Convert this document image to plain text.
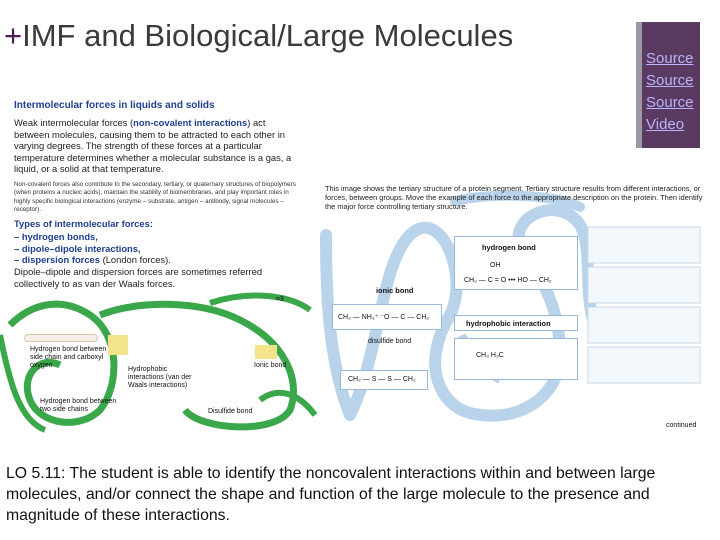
+IMF and Biological/Large Molecules
Source
Source
Source
Video
Intermolecular forces in liquids and solids

Weak intermolecular forces (non-covalent interactions) act between molecules, causing them to be attracted to each other in varying degrees. The strength of these forces at a particular temperature determines whether a molecular substance is a gas, a liquid, or a solid at that temperature.

Non-covalent forces also contribute to the secondary, tertiary, or quaternary structures of biopolymers (when proteins a nucleic acids), maintain the stability of biomembranes, and play important roles in highly specific biological interactions (enzyme – substrate, antigen – antibody, signal molecules – receptor).
Types of intermolecular forces:
– hydrogen bonds,
– dipole–dipole interactions,
– dispersion forces (London forces).
Dipole–dipole and dispersion forces are sometimes referred collectively to as van der Waals forces.
¤3
This image shows the tertiary structure of a protein segment. Tertiary structure results from different interactions, or forces, between groups. Move the example of each force to the appropriate description on the protein. Then identify the major force controlling tertiary structure.
hydrogen bond
OH
CH₂ — C = O ••• HO — CH₂
ionic bond
CH₂ — NH₃⁺ ⁻O — C — CH₂
hydrophobic interaction
disulfide bond
CH₃ H₃C
CH₂ — S — S — CH₂
continued
Hydrogen bond between side chain and carboxyl oxygen
Hydrophobic interactions (van der Waals interactions)
Ionic bond
Disulfide bond
Hydrogen bond between two side chains
LO 5.11: The student is able to identify the noncovalent interactions within and between large molecules, and/or connect the shape and function of the large molecule to the presence and magnitude of these interactions.
